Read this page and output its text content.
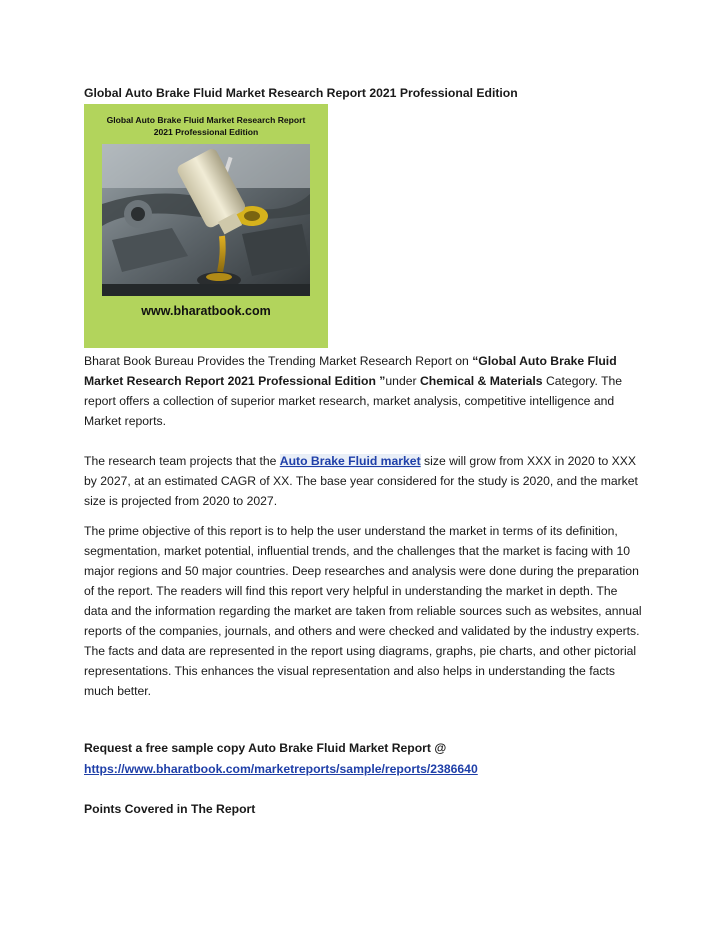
Global Auto Brake Fluid Market Research Report 2021 Professional Edition
Global Auto Brake Fluid Market Research Report
2021 Professional Edition
www.bharatbook.com

Bharat Book Bureau Provides the Trending Market Research Report on “Global Auto Brake Fluid Market Research Report 2021 Professional Edition ”under Chemical & Materials Category. The report offers a collection of superior market research, market analysis, competitive intelligence and Market reports.

The research team projects that the Auto Brake Fluid market size will grow from XXX in 2020 to XXX by 2027, at an estimated CAGR of XX. The base year considered for the study is 2020, and the market size is projected from 2020 to 2027.

The prime objective of this report is to help the user understand the market in terms of its definition, segmentation, market potential, influential trends, and the challenges that the market is facing with 10 major regions and 50 major countries. Deep researches and analysis were done during the preparation of the report. The readers will find this report very helpful in understanding the market in depth. The data and the information regarding the market are taken from reliable sources such as websites, annual reports of the companies, journals, and others and were checked and validated by the industry experts. The facts and data are represented in the report using diagrams, graphs, pie charts, and other pictorial representations. This enhances the visual representation and also helps in understanding the facts much better.

Request a free sample copy Auto Brake Fluid Market Report @
https://www.bharatbook.com/marketreports/sample/reports/2386640
Points Covered in The Report
